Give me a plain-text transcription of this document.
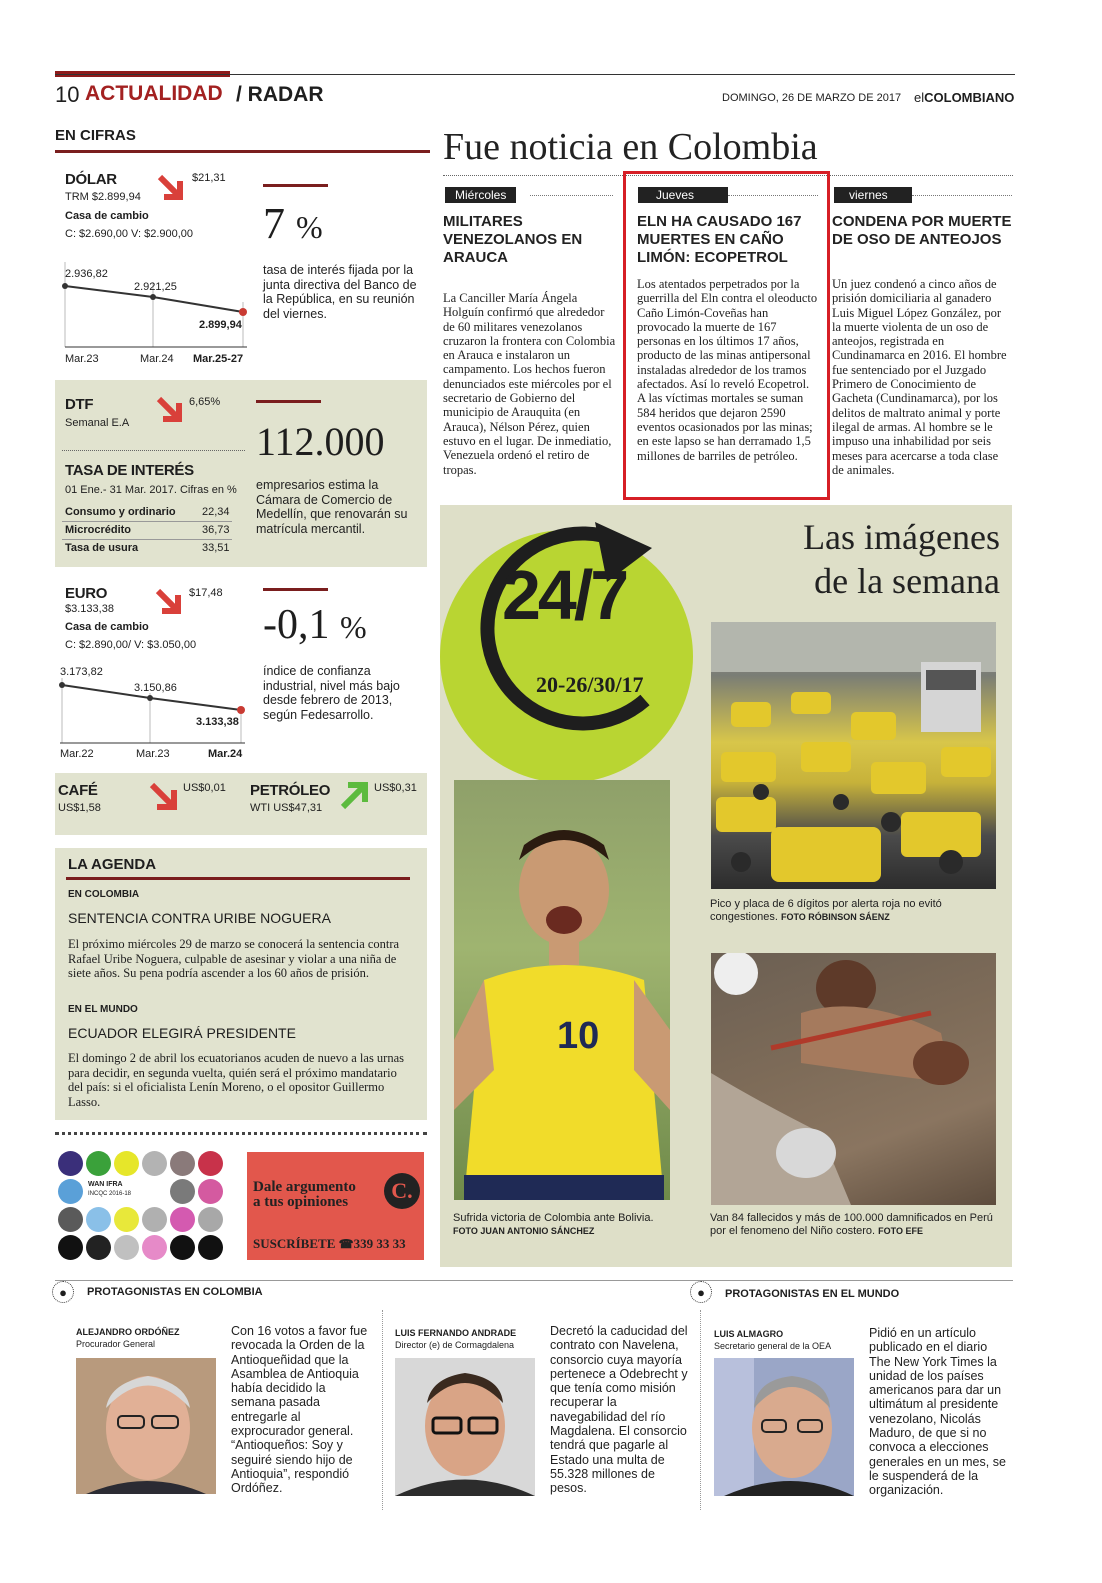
10 ACTUALIDAD / RADAR	DOMINGO, 26 DE MARZO DE 2017 elCOLOMBIANO
EN CIFRAS
DÓLAR
TRM $2.899,94
$21,31
Casa de cambio
C: $2.690,00 V: $2.900,00
2.936,82
2.921,25
2.899,94
Mar.23	Mar.24 Mar.25-27
7 %
tasa de interés fijada por la junta directiva del Banco de la República, en su reunión del viernes.
DTF
Semanal E.A
6,65%
TASA DE INTERÉS
01 Ene.- 31 Mar. 2017. Cifras en %
Consumo y ordinario 22,34
Microcrédito	36,73
Tasa de usura	33,51
112.000
empresarios estima la Cámara de Comercio de Medellín, que renovarán su matrícula mercantil.
EURO
$3.133,38
$17,48
Casa de cambio
C: $2.890,00/ V: $3.050,00
3.173,82
3.150,86
3.133,38
Mar.22	Mar.23	Mar.24
-0,1 %
índice de confianza industrial, nivel más bajo desde febrero de 2013, según Fedesarrollo.
CAFÉ
US$1,58
US$0,01 PETRÓLEO
WTI US$47,31
US$0,31
LA AGENDA
EN COLOMBIA
SENTENCIA CONTRA URIBE NOGUERA
El próximo miércoles 29 de marzo se conocerá la sentencia contra Rafael Uribe Noguera, culpable de asesinar y violar a una niña de siete años. Su pena podría ascender a los 60 años de prisión.
EN EL MUNDO
ECUADOR ELEGIRÁ PRESIDENTE
El domingo 2 de abril los ecuatorianos acuden de nuevo a las urnas para decidir, en segunda vuelta, quién será el próximo mandatario del país: si el oficialista Lenín Moreno, o el opositor Guillermo Lasso.
WAN IFRA
INCQC 2016-18	Dale argumento
a tus opiniones	C.
SUSCRÍBETE ☎339 33 33
Fue noticia en Colombia
Miércoles
MILITARES VENEZOLANOS EN ARAUCA
La Canciller María Ángela Holguín confirmó que alrededor de 60 militares venezolanos cruzaron la frontera con Colombia en Arauca e instalaron un campamento. Los hechos fueron denunciados este miércoles por el secretario de Gobierno del municipio de Arauquita (en Arauca), Nélson Pérez, quien estuvo en el lugar. De inmediatio, Venezuela ordenó el retiro de tropas.
Jueves
ELN HA CAUSADO 167 MUERTES EN CAÑO LIMÓN: ECOPETROL
Los atentados perpetrados por la guerrilla del Eln contra el oleoducto Caño Limón-Coveñas han provocado la muerte de 167 personas en los últimos 17 años, producto de las minas antipersonal instaladas alrededor de los tramos afectados. Así lo reveló Ecopetrol. A las víctimas mortales se suman 584 heridos que dejaron 2590 eventos ocasionados por las minas; en este lapso se han derramado 1,5 millones de barriles de petróleo.
viernes
CONDENA POR MUERTE DE OSO DE ANTEOJOS
Un juez condenó a cinco años de prisión domiciliaria al ganadero Luis Miguel López González, por la muerte violenta de un oso de anteojos, registrada en Cundinamarca en 2016. El hombre fue sentenciado por el Juzgado Primero de Conocimiento de Gacheta (Cundinamarca), por los delitos de maltrato animal y porte ilegal de armas. Al hombre se le impuso una inhabilidad por seis meses para acercarse a toda clase de animales.
24/7
20-26/30/17
Las imágenes
de la semana
Pico y placa de 6 dígitos por alerta roja no evitó congestiones. FOTO RÓBINSON SÁENZ
10
Sufrida victoria de Colombia ante Bolivia.
FOTO JUAN ANTONIO SÁNCHEZ
Van 84 fallecidos y más de 100.000 damnificados en Perú por el fenomeno del Niño costero. FOTO EFE
●	PROTAGONISTAS EN COLOMBIA	●	PROTAGONISTAS EN EL MUNDO
ALEJANDRO ORDÓÑEZ
Procurador General
Con 16 votos a favor fue revocada la Orden de la Antioqueñidad que la Asamblea de Antioquia había decidido la semana pasada entregarle al exprocurador general. “Antioqueños: Soy y seguiré siendo hijo de Antioquia”, respondió Ordóñez.
LUIS FERNANDO ANDRADE
Director (e) de Cormagdalena
Decretó la caducidad del contrato con Navelena, consorcio cuya mayoría pertenece a Odebrecht y que tenía como misión recuperar la navegabilidad del río Magdalena. El consorcio tendrá que pagarle al Estado una multa de 55.328 millones de pesos.
LUIS ALMAGRO
Secretario general de la OEA
Pidió en un artículo publicado en el diario The New York Times la unidad de los países americanos para dar un ultimátum al presidente venezolano, Nicolás Maduro, de que si no convoca a elecciones generales en un mes, se le suspenderá de la organización.
